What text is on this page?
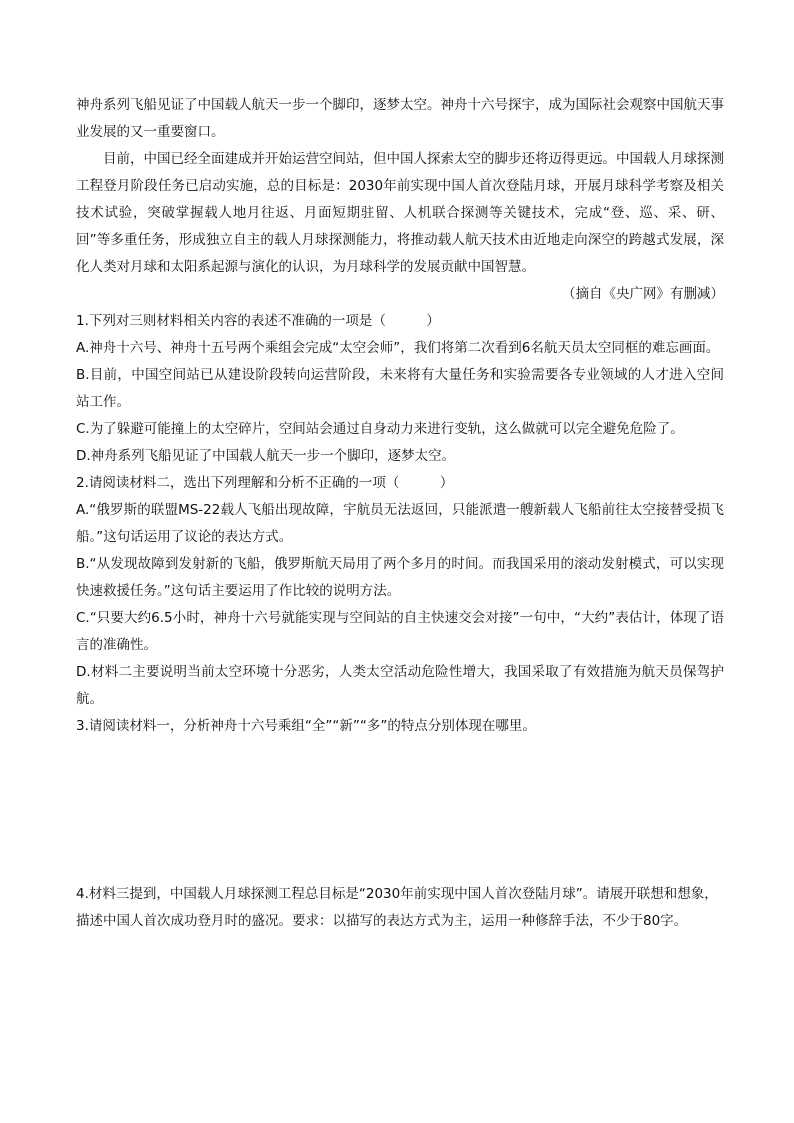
神舟系列飞船见证了中国载人航天一步一个脚印，逐梦太空。神舟十六号探宇，成为国际社会观察中国航天事业发展的又一重要窗口。

目前，中国已经全面建成并开始运营空间站，但中国人探索太空的脚步还将迈得更远。中国载人月球探测工程登月阶段任务已启动实施，总的目标是：2030年前实现中国人首次登陆月球，开展月球科学考察及相关技术试验，突破掌握载人地月往返、月面短期驻留、人机联合探测等关键技术，完成“登、巡、采、研、回”等多重任务，形成独立自主的载人月球探测能力，将推动载人航天技术由近地走向深空的跨越式发展，深化人类对月球和太阳系起源与演化的认识，为月球科学的发展贡献中国智慧。

（摘自《央广网》有删减）

1.下列对三则材料相关内容的表述不准确的一项是（　　　）

A.神舟十六号、神舟十五号两个乘组会完成“太空会师”，我们将第二次看到6名航天员太空同框的难忘画面。

B.目前，中国空间站已从建设阶段转向运营阶段，未来将有大量任务和实验需要各专业领域的人才进入空间站工作。

C.为了躲避可能撞上的太空碎片，空间站会通过自身动力来进行变轨，这么做就可以完全避免危险了。

D.神舟系列飞船见证了中国载人航天一步一个脚印，逐梦太空。

2.请阅读材料二，选出下列理解和分析不正确的一项（　　　）

A.“俄罗斯的联盟MS-22载人飞船出现故障，宇航员无法返回，只能派遣一艘新载人飞船前往太空接替受损飞船。”这句话运用了议论的表达方式。

B.“从发现故障到发射新的飞船，俄罗斯航天局用了两个多月的时间。而我国采用的滚动发射模式，可以实现快速救援任务。”这句话主要运用了作比较的说明方法。

C.“只要大约6.5小时，神舟十六号就能实现与空间站的自主快速交会对接”一句中，“大约”表估计，体现了语言的准确性。

D.材料二主要说明当前太空环境十分恶劣，人类太空活动危险性增大，我国采取了有效措施为航天员保驾护航。

3.请阅读材料一，分析神舟十六号乘组“全”“新”“多”的特点分别体现在哪里。

4.材料三提到，中国载人月球探测工程总目标是“2030年前实现中国人首次登陆月球”。请展开联想和想象，描述中国人首次成功登月时的盛况。要求：以描写的表达方式为主，运用一种修辞手法，不少于80字。
